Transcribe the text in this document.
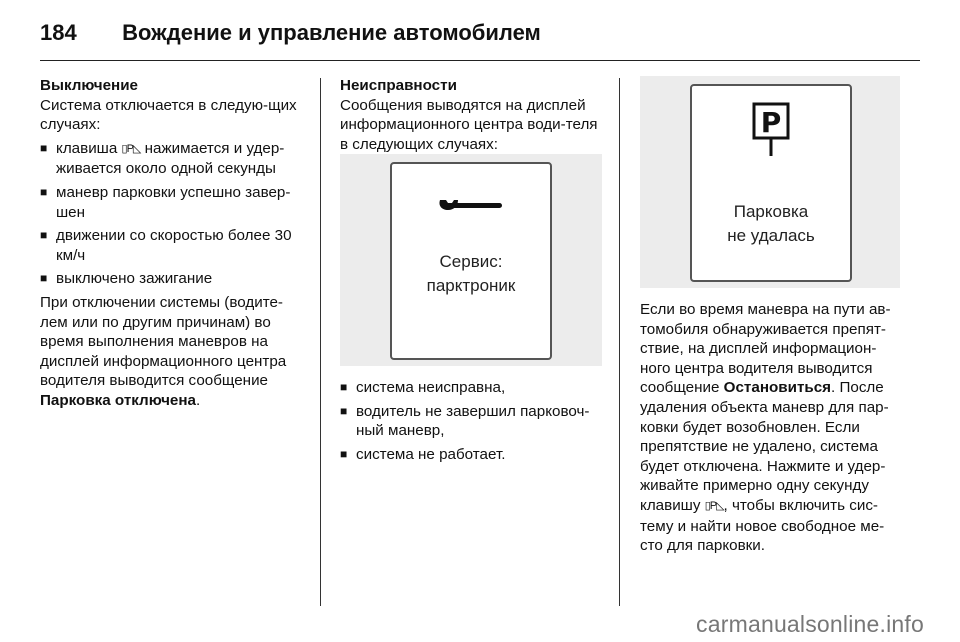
184 Вождение и управление автомобилем

Выключение

Система отключается в следую-щих случаях:

■ клавиша ▯P◺ нажимается и удер-живается около одной секунды
■ маневр парковки успешно завер-шен
■ движении со скоростью более 30 км/ч
■ выключено зажигание

При отключении системы (водите-лем или по другим причинам) во время выполнения маневров на дисплей информационного центра водителя выводится сообщение Парковка отключена.

Неисправности

Сообщения выводятся на дисплей информационного центра води-теля в следующих случаях:

Сервис:
парктроник
■ система неисправна,
■ водитель не завершил парковоч-ный маневр,
■ система не работает.
P
Парковка
не удалась

Если во время маневра на пути ав-томобиля обнаруживается препят-ствие, на дисплей информацион-ного центра водителя выводится сообщение Остановиться. После удаления объекта маневр для пар-ковки будет возобновлен. Если препятствие не удалено, система будет отключена. Нажмите и удер-живайте примерно одну секунду клавишу ▯P◺, чтобы включить сис-тему и найти новое свободное ме-сто для парковки.

carmanualsonline.info
